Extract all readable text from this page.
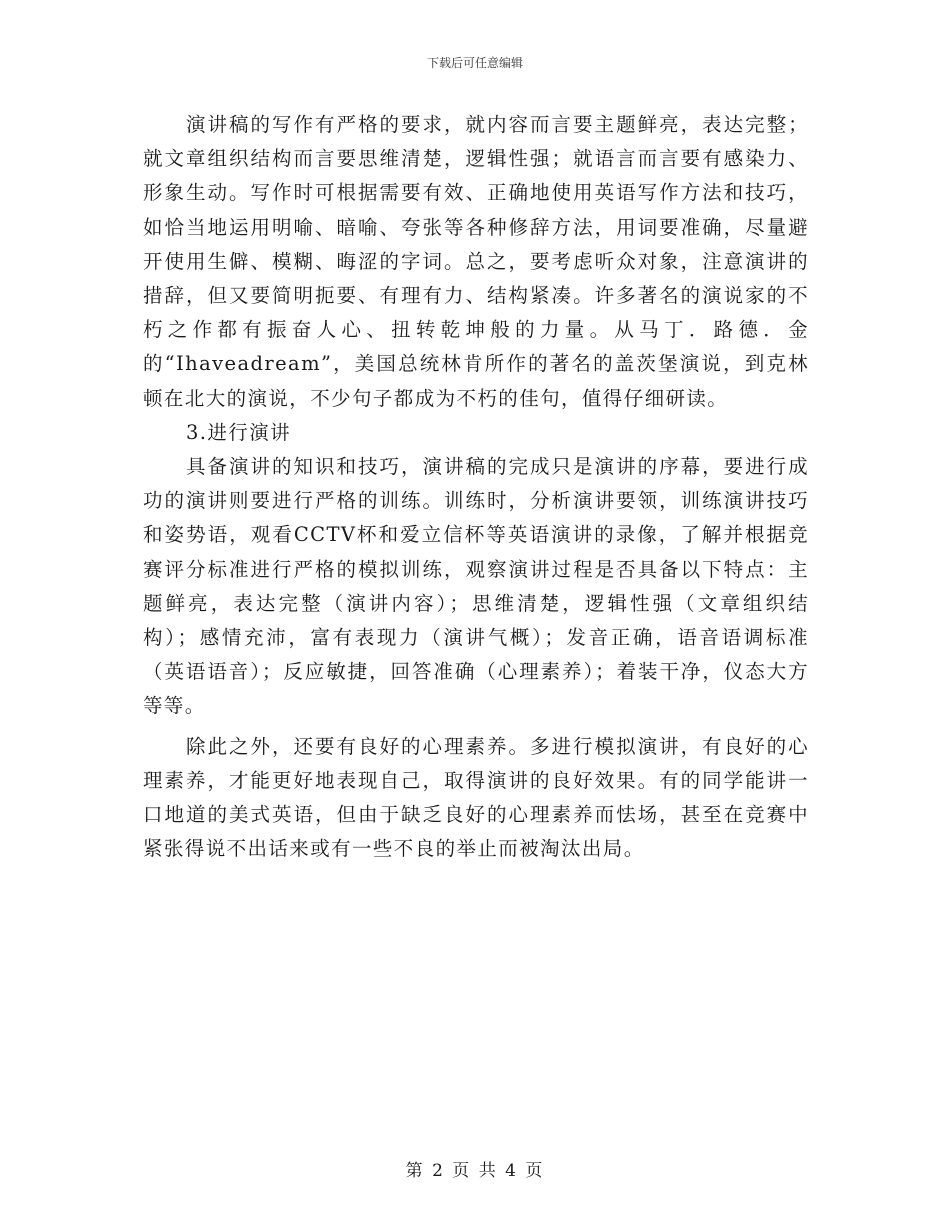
下载后可任意编辑

演讲稿的写作有严格的要求，就内容而言要主题鲜亮，表达完整；就文章组织结构而言要思维清楚，逻辑性强；就语言而言要有感染力、形象生动。写作时可根据需要有效、正确地使用英语写作方法和技巧，如恰当地运用明喻、暗喻、夸张等各种修辞方法，用词要准确，尽量避开使用生僻、模糊、晦涩的字词。总之，要考虑听众对象，注意演讲的措辞，但又要简明扼要、有理有力、结构紧凑。许多著名的演说家的不朽之作都有振奋人心、扭转乾坤般的力量。从马丁．路德．金的“Ihaveadream”，美国总统林肯所作的著名的盖茨堡演说，到克林顿在北大的演说，不少句子都成为不朽的佳句，值得仔细研读。

3.进行演讲

具备演讲的知识和技巧，演讲稿的完成只是演讲的序幕，要进行成功的演讲则要进行严格的训练。训练时，分析演讲要领，训练演讲技巧和姿势语，观看CCTV杯和爱立信杯等英语演讲的录像，了解并根据竞赛评分标准进行严格的模拟训练，观察演讲过程是否具备以下特点：主题鲜亮，表达完整（演讲内容）；思维清楚，逻辑性强（文章组织结构）；感情充沛，富有表现力（演讲气概）；发音正确，语音语调标准（英语语音）；反应敏捷，回答准确（心理素养）；着装干净，仪态大方等等。

除此之外，还要有良好的心理素养。多进行模拟演讲，有良好的心理素养，才能更好地表现自己，取得演讲的良好效果。有的同学能讲一口地道的美式英语，但由于缺乏良好的心理素养而怯场，甚至在竞赛中紧张得说不出话来或有一些不良的举止而被淘汰出局。

第 2 页 共 4 页
